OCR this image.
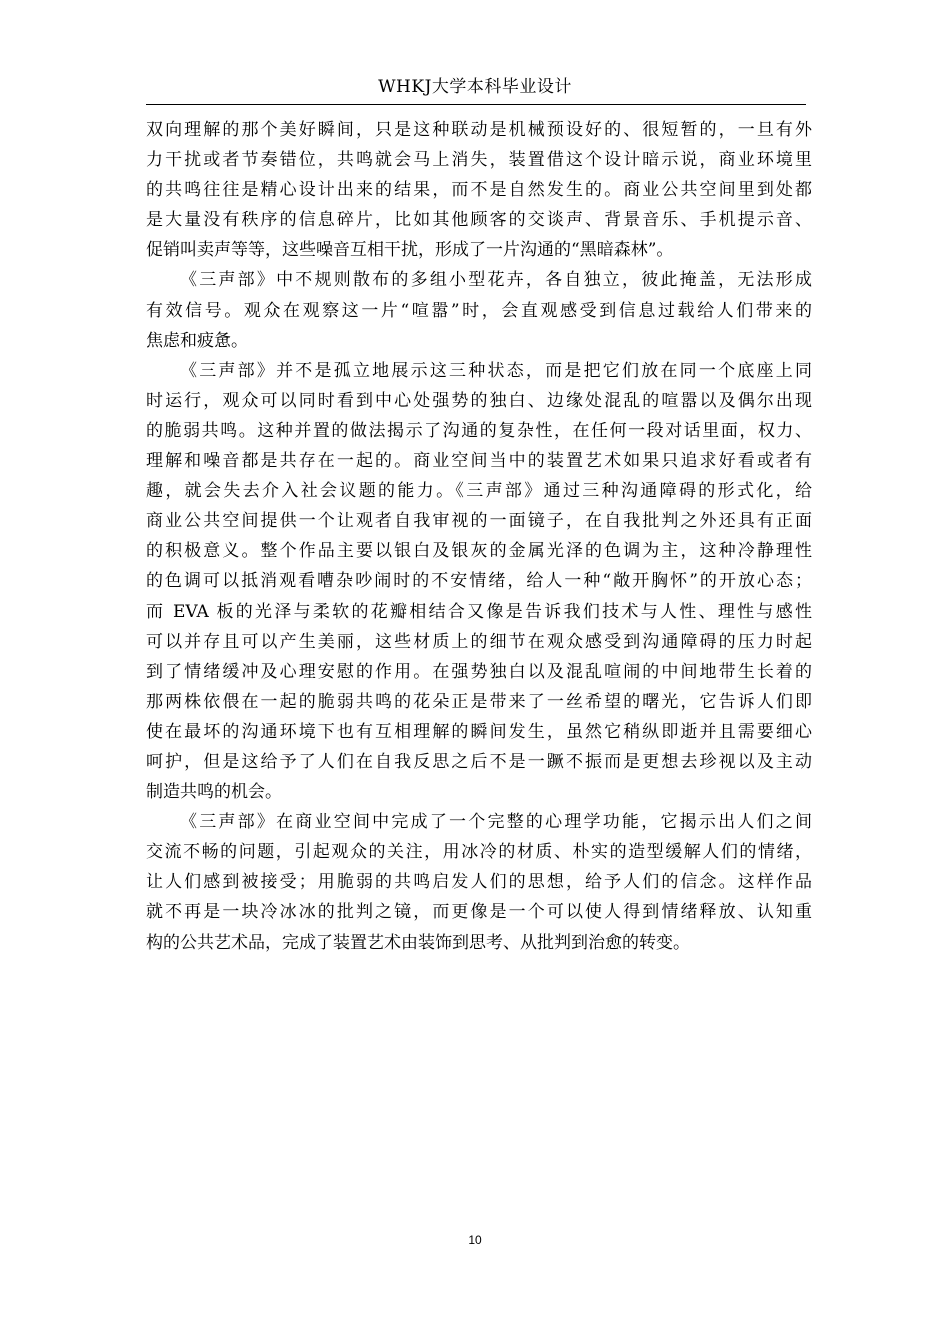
WHKJ大学本科毕业设计
双向理解的那个美好瞬间，只是这种联动是机械预设好的、很短暂的，一旦有外
力干扰或者节奏错位，共鸣就会马上消失，装置借这个设计暗示说，商业环境里
的共鸣往往是精心设计出来的结果，而不是自然发生的。商业公共空间里到处都
是大量没有秩序的信息碎片，比如其他顾客的交谈声、背景音乐、手机提示音、
促销叫卖声等等，这些噪音互相干扰，形成了一片沟通的“黑暗森林”。
《三声部》中不规则散布的多组小型花卉，各自独立，彼此掩盖，无法形成
有效信号。观众在观察这一片“喧嚣”时，会直观感受到信息过载给人们带来的
焦虑和疲惫。
《三声部》并不是孤立地展示这三种状态，而是把它们放在同一个底座上同
时运行，观众可以同时看到中心处强势的独白、边缘处混乱的喧嚣以及偶尔出现
的脆弱共鸣。这种并置的做法揭示了沟通的复杂性，在任何一段对话里面，权力、
理解和噪音都是共存在一起的。商业空间当中的装置艺术如果只追求好看或者有
趣，就会失去介入社会议题的能力。《三声部》通过三种沟通障碍的形式化，给
商业公共空间提供一个让观者自我审视的一面镜子，在自我批判之外还具有正面
的积极意义。整个作品主要以银白及银灰的金属光泽的色调为主，这种冷静理性
的色调可以抵消观看嘈杂吵闹时的不安情绪，给人一种“敞开胸怀”的开放心态；
而 EVA 板的光泽与柔软的花瓣相结合又像是告诉我们技术与人性、理性与感性
可以并存且可以产生美丽，这些材质上的细节在观众感受到沟通障碍的压力时起
到了情绪缓冲及心理安慰的作用。在强势独白以及混乱喧闹的中间地带生长着的
那两株依偎在一起的脆弱共鸣的花朵正是带来了一丝希望的曙光，它告诉人们即
使在最坏的沟通环境下也有互相理解的瞬间发生，虽然它稍纵即逝并且需要细心
呵护，但是这给予了人们在自我反思之后不是一蹶不振而是更想去珍视以及主动
制造共鸣的机会。
《三声部》在商业空间中完成了一个完整的心理学功能，它揭示出人们之间
交流不畅的问题，引起观众的关注，用冰冷的材质、朴实的造型缓解人们的情绪，
让人们感到被接受；用脆弱的共鸣启发人们的思想，给予人们的信念。这样作品
就不再是一块冷冰冰的批判之镜，而更像是一个可以使人得到情绪释放、认知重
构的公共艺术品，完成了装置艺术由装饰到思考、从批判到治愈的转变。
10
